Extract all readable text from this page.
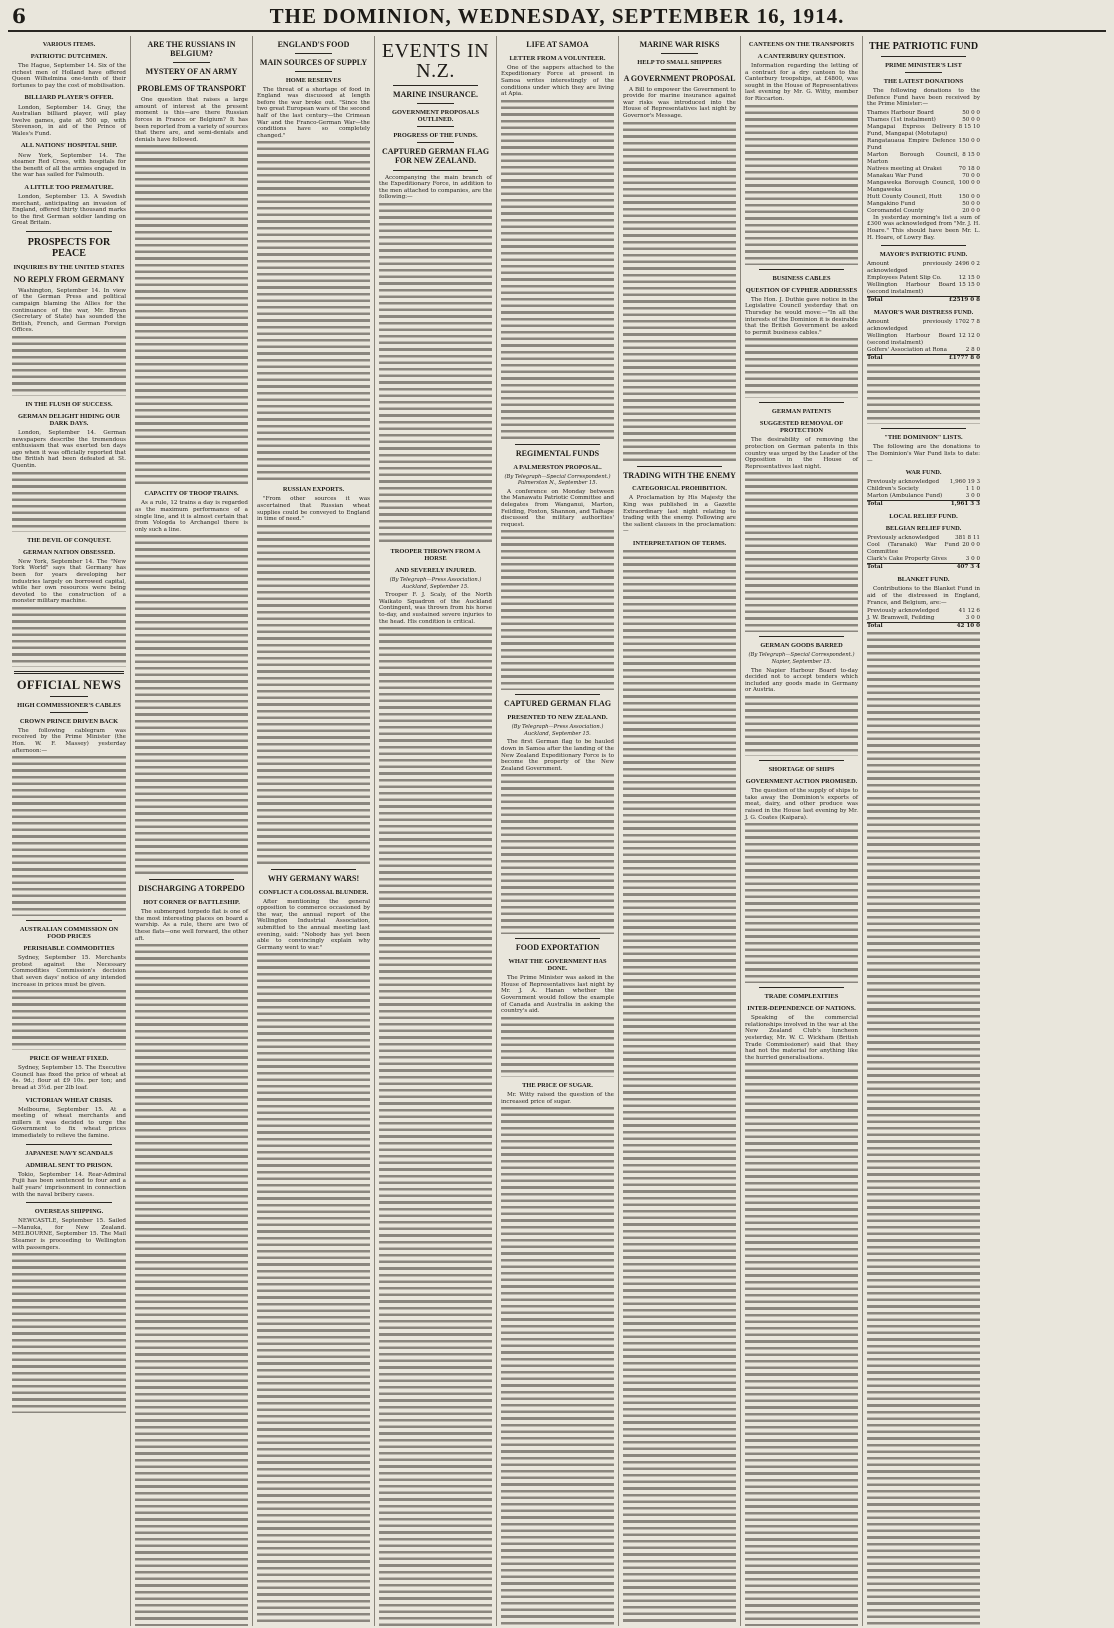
6	THE DOMINION, WEDNESDAY, SEPTEMBER 16, 1914.
VARIOUS ITEMS.
PATRIOTIC DUTCHMEN.

The Hague, September 14. Six of the richest men of Holland have offered Queen Wilhelmina one-tenth of their fortunes to pay the cost of mobilisation.

BILLIARD PLAYER'S OFFER.

London, September 14. Gray, the Australian billiard player, will play twelve games, gate at 500 up, with Stevenson, in aid of the Prince of Wales's Fund.

ALL NATIONS' HOSPITAL SHIP.

New York, September 14. The steamer Red Cross, with hospitals for the benefit of all the armies engaged in the war has sailed for Falmouth.

A LITTLE TOO PREMATURE.

London, September 13. A Swedish merchant, anticipating an invasion of England, offered thirty thousand marks to the first German soldier landing on Great Britain.

PROSPECTS FOR PEACE
INQUIRIES BY THE UNITED STATES
NO REPLY FROM GERMANY

Washington, September 14. In view of the German Press and political campaign blaming the Allies for the continuance of the war, Mr. Bryan (Secretary of State) has sounded the British, French, and German Foreign Offices.

IN THE FLUSH OF SUCCESS.
GERMAN DELIGHT HIDING OUR DARK DAYS.

London, September 14. German newspapers describe the tremendous enthusiasm that was exerted ten days ago when it was officially reported that the British had been defeated at St. Quentin.

THE DEVIL OF CONQUEST.
GERMAN NATION OBSESSED.

New York, September 14. The "New York World" says that Germany has been for years developing her industries largely on borrowed capital, while her own resources were being devoted to the construction of a monster military machine.

OFFICIAL NEWS
HIGH COMMISSIONER'S CABLES
CROWN PRINCE DRIVEN BACK

The following cablegram was received by the Prime Minister (the Hon. W. F. Massey) yesterday afternoon:—

AUSTRALIAN COMMISSION ON FOOD PRICES
PERISHABLE COMMODITIES

Sydney, September 15. Merchants protest against the Necessary Commodities Commission's decision that seven days' notice of any intended increase in prices must be given.

PRICE OF WHEAT FIXED.

Sydney, September 15. The Executive Council has fixed the price of wheat at 4s. 9d.; flour at £9 10s. per ton; and bread at 3½d. per 2lb loaf.

VICTORIAN WHEAT CRISIS.

Melbourne, September 15. At a meeting of wheat merchants and millers it was decided to urge the Government to fix wheat prices immediately to relieve the famine.

JAPANESE NAVY SCANDALS
ADMIRAL SENT TO PRISON.

Tokio, September 14. Rear-Admiral Fujii has been sentenced to four and a half years' imprisonment in connection with the naval bribery cases.

OVERSEAS SHIPPING.

NEWCASTLE, September 15. Sailed—Manuka, for New Zealand. MELBOURNE, September 15. The Mail Steamer is proceeding to Wellington with passengers.

ARE THE RUSSIANS IN BELGIUM?
MYSTERY OF AN ARMY
PROBLEMS OF TRANSPORT

One question that raises a large amount of interest at the present moment is this—are there Russian forces in France or Belgium? It has been reported from a variety of sources that there are, and semi-denials and denials have followed.

CAPACITY OF TROOP TRAINS.

As a rule, 12 trains a day is regarded as the maximum performance of a single line, and it is almost certain that from Vologda to Archangel there is only such a line.

DISCHARGING A TORPEDO
HOT CORNER OF BATTLESHIP.

The submerged torpedo flat is one of the most interesting places on board a warship. As a rule, there are two of these flats—one well forward, the other aft.

ENGLAND'S FOOD
MAIN SOURCES OF SUPPLY
HOME RESERVES

The threat of a shortage of food in England was discussed at length before the war broke out. "Since the two great European wars of the second half of the last century—the Crimean War and the Franco-German War—the conditions have so completely changed."

RUSSIAN EXPORTS.

"From other sources it was ascertained that Russian wheat supplies could be conveyed to England in time of need."

WHY GERMANY WARS!
CONFLICT A COLOSSAL BLUNDER.

After mentioning the general opposition to commerce occasioned by the war, the annual report of the Wellington Industrial Association, submitted to the annual meeting last evening, said: "Nobody has yet been able to convincingly explain why Germany went to war."

EVENTS IN N.Z.
MARINE INSURANCE.
GOVERNMENT PROPOSALS OUTLINED.
PROGRESS OF THE FUNDS.
CAPTURED GERMAN FLAG FOR NEW ZEALAND.

Accompanying the main branch of the Expeditionary Force, in addition to the men attached to companies, are the following:—

TROOPER THROWN FROM A HORSE
AND SEVERELY INJURED.

(By Telegraph—Press Association.) Auckland, September 15.

Trooper F. J. Scaly, of the North Waikato Squadron of the Auckland Contingent, was thrown from his horse to-day, and sustained severe injuries to the head. His condition is critical.

LIFE AT SAMOA
LETTER FROM A VOLUNTEER.

One of the sappers attached to the Expeditionary Force at present in Samoa writes interestingly of the conditions under which they are living at Apia.

REGIMENTAL FUNDS
A PALMERSTON PROPOSAL.

(By Telegraph—Special Correspondent.) Palmerston N., September 15.

A conference on Monday between the Manawatu Patriotic Committee and delegates from Wanganui, Marton, Feilding, Foxton, Shannon, and Taihape discussed the military authorities' request.

CAPTURED GERMAN FLAG
PRESENTED TO NEW ZEALAND.

(By Telegraph—Press Association.) Auckland, September 15.

The first German flag to be hauled down in Samoa after the landing of the New Zealand Expeditionary Force is to become the property of the New Zealand Government.

FOOD EXPORTATION
WHAT THE GOVERNMENT HAS DONE.

The Prime Minister was asked in the House of Representatives last night by Mr. J. A. Hanan whether the Government would follow the example of Canada and Australia in asking the country's aid.

THE PRICE OF SUGAR.

Mr. Witty raised the question of the increased price of sugar.

MARINE WAR RISKS
HELP TO SMALL SHIPPERS
A GOVERNMENT PROPOSAL

A Bill to empower the Government to provide for marine insurance against war risks was introduced into the House of Representatives last night by Governor's Message.

TRADING WITH THE ENEMY
CATEGORICAL PROHIBITION.

A Proclamation by His Majesty the King was published in a Gazette Extraordinary last night relating to trading with the enemy. Following are the salient clauses in the proclamation:—

INTERPRETATION OF TERMS.
CANTEENS ON THE TRANSPORTS
A CANTERBURY QUESTION.

Information regarding the letting of a contract for a dry canteen to the Canterbury troopships, at £4800, was sought in the House of Representatives last evening by Mr. G. Witty, member for Riccarton.

BUSINESS CABLES
QUESTION OF CYPHER ADDRESSES

The Hon. J. Duthie gave notice in the Legislative Council yesterday that on Thursday he would move:—"In all the interests of the Dominion it is desirable that the British Government be asked to permit business cables."

GERMAN PATENTS
SUGGESTED REMOVAL OF PROTECTION

The desirability of removing the protection on German patents in this country was urged by the Leader of the Opposition in the House of Representatives last night.

GERMAN GOODS BARRED

(By Telegraph—Special Correspondent.) Napier, September 15.

The Napier Harbour Board to-day decided not to accept tenders which included any goods made in Germany or Austria.

SHORTAGE OF SHIPS
GOVERNMENT ACTION PROMISED.

The question of the supply of ships to take away the Dominion's exports of meat, dairy, and other produce was raised in the House last evening by Mr. J. G. Coates (Kaipara).

TRADE COMPLEXITIES
INTER-DEPENDENCE OF NATIONS.

Speaking of the commercial relationships involved in the war at the New Zealand Club's luncheon yesterday, Mr. W. C. Wickham (British Trade Commissioner) said that they had not the material for anything like the hurried generalisations.

THE PATRIOTIC FUND
PRIME MINISTER'S LIST
THE LATEST DONATIONS

The following donations to the Defence Fund have been received by the Prime Minister:—

Thames Harbour Board	50 0 0
Thames (1st instalment)	50 0 0
Mangapai Express Delivery Fund, Mangapai (Motutapu)
8 15 10
Rangatauaua Empire Defence Fund
150 0 0
Marton Borough Council, Marton
8 15 0
Natives meeting at Orakei	70 18 0
Manakau War Fund	70 0 0
Mangaweka Borough Council, Mangaweka
100 0 0
Hutt County Council, Hutt	150 0 0
Mangakino Fund	50 0 0
Coromandel County	20 0 0

In yesterday morning's list a sum of £300 was acknowledged from "Mr. J. H. Hoare." This should have been Mr. L. H. Hoare, of Lowry Bay.

MAYOR'S PATRIOTIC FUND.
Amount previously acknowledged
2496 0 2
Employees Patent Slip Co.	12 15 0
Wellington Harbour Board (second instalment)
15 15 0
Total	£2519 0 8
MAYOR'S WAR DISTRESS FUND.
Amount previously acknowledged
1702 7 8
Wellington Harbour Board (second instalment)
12 12 0
Golfers' Association at Rona	2 8 0
Total	£1777 8 0
"THE DOMINION" LISTS.

The following are the donations to The Dominion's War Fund lists to date:—

WAR FUND.
Previously acknowledged	1,960 19 3
Children's Society	1 1 0
Marton (Ambulance Fund)	3 0 0
Total	1,961 3 3
LOCAL RELIEF FUND.
BELGIAN RELIEF FUND.
Previously acknowledged	381 8 11
Cool (Taranaki) War Fund Committee
20 0 0
Clark's Cake Property Gives	3 0 0
Total	407 3 4
BLANKET FUND.

Contributions to the Blanket Fund in aid of the distressed in England, France, and Belgium, are:—

Previously acknowledged	41 12 6
J. W. Bramwell, Feilding	3 0 0
Total	42 10 0
